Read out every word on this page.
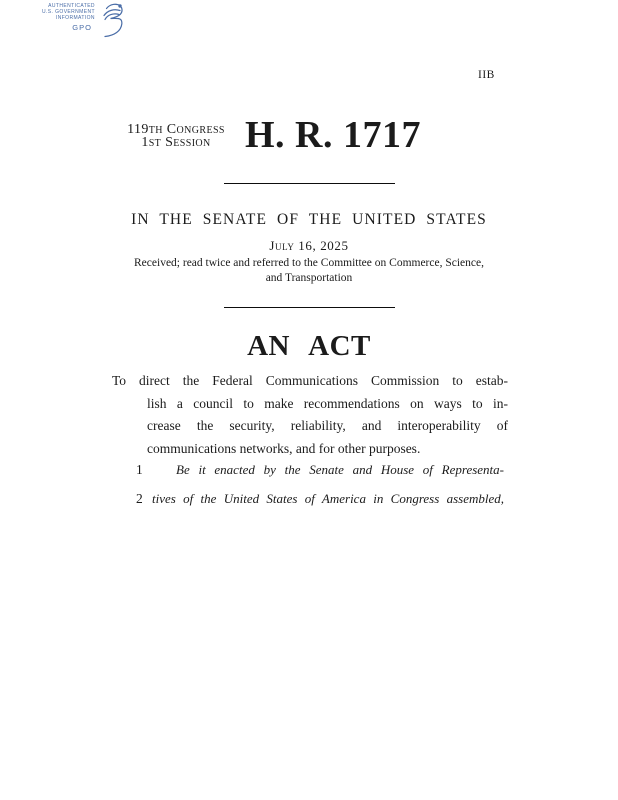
AUTHENTICATED
U.S. GOVERNMENT
INFORMATION
GPO
IIB
119th Congress
1st Session H. R. 1717
IN THE SENATE OF THE UNITED STATES
July 16, 2025
Received; read twice and referred to the Committee on Commerce, Science,
and Transportation
AN ACT
To direct the Federal Communications Commission to estab-
lish a council to make recommendations on ways to in-
crease the security, reliability, and interoperability of
communications networks, and for other purposes.
1	Be it enacted by the Senate and House of Representa-
2 tives of the United States of America in Congress assembled,
